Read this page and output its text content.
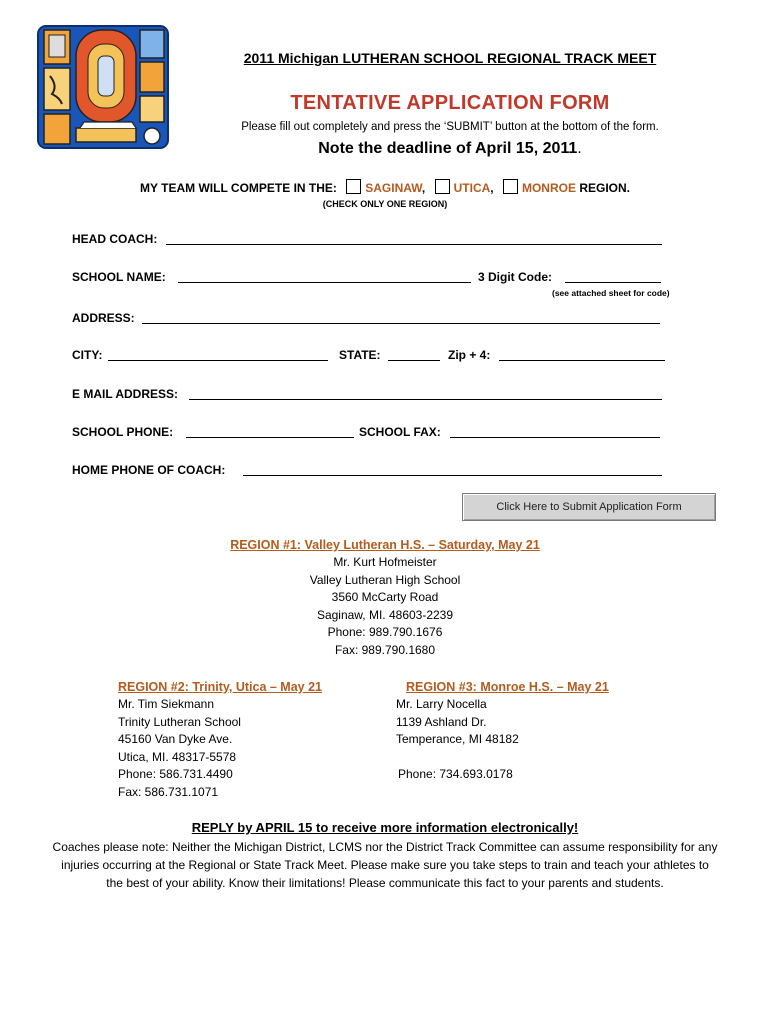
2011 Michigan LUTHERAN SCHOOL REGIONAL TRACK MEET
TENTATIVE APPLICATION FORM
Please fill out completely and press the ‘SUBMIT’ button at the bottom of the form.
Note the deadline of April 15, 2011.
MY TEAM WILL COMPETE IN THE: SAGINAW, UTICA, MONROE REGION.
(CHECK ONLY ONE REGION)
HEAD COACH:
SCHOOL NAME:	3 Digit Code:
(see attached sheet for code)
ADDRESS:
CITY:	STATE:	Zip + 4:
E MAIL ADDRESS:
SCHOOL PHONE:	SCHOOL FAX:
HOME PHONE OF COACH:
Click Here to Submit Application Form
REGION #1: Valley Lutheran H.S. – Saturday, May 21
Mr. Kurt Hofmeister
Valley Lutheran High School
3560 McCarty Road
Saginaw, MI. 48603-2239
Phone: 989.790.1676
Fax: 989.790.1680
REGION #2: Trinity, Utica – May 21
Mr. Tim Siekmann
Trinity Lutheran School
45160 Van Dyke Ave.
Utica, MI. 48317-5578
Phone: 586.731.4490
Fax: 586.731.1071
REGION #3: Monroe H.S. – May 21
Mr. Larry Nocella
1139 Ashland Dr.
Temperance, MI 48182
Phone: 734.693.0178
REPLY by APRIL 15 to receive more information electronically!
Coaches please note: Neither the Michigan District, LCMS nor the District Track Committee can assume responsibility for any injuries occurring at the Regional or State Track Meet. Please make sure you take steps to train and teach your athletes to the best of your ability. Know their limitations! Please communicate this fact to your parents and students.
